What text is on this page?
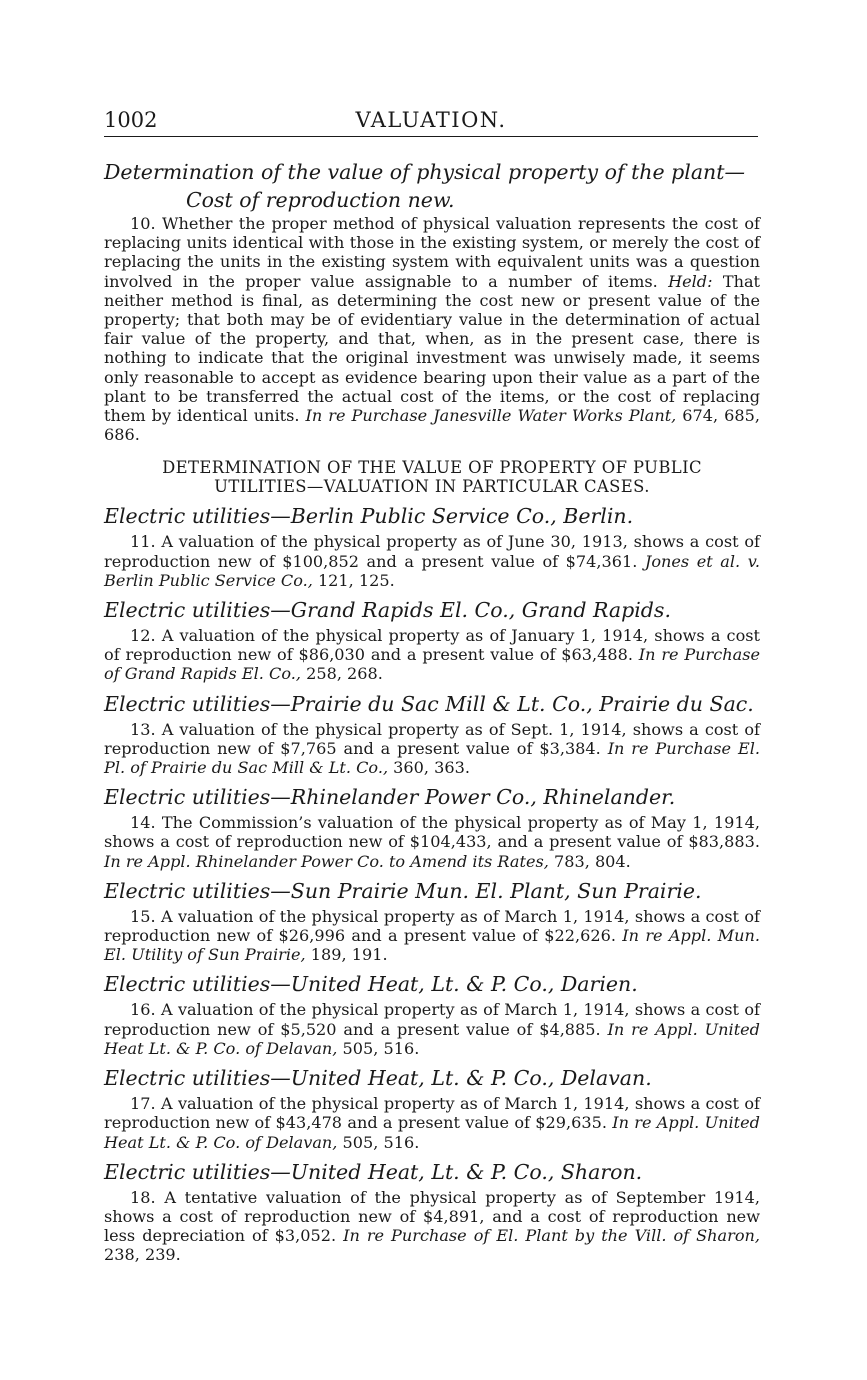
1002	VALUATION.

Determination of the value of physical property of the plant—
Cost of reproduction new.

10. Whether the proper method of physical valuation represents the cost of replacing units identical with those in the existing system, or merely the cost of replacing the units in the existing system with equivalent units was a question involved in the proper value assignable to a number of items. Held: That neither method is final, as determining the cost new or present value of the property; that both may be of evidentiary value in the determination of actual fair value of the property, and that, when, as in the present case, there is nothing to indicate that the original investment was unwisely made, it seems only reasonable to accept as evidence bearing upon their value as a part of the plant to be transferred the actual cost of the items, or the cost of replacing them by identical units. In re Purchase Janesville Water Works Plant, 674, 685, 686.

DETERMINATION OF THE VALUE OF PROPERTY OF PUBLIC
UTILITIES—VALUATION IN PARTICULAR CASES.

Electric utilities—Berlin Public Service Co., Berlin.

11. A valuation of the physical property as of June 30, 1913, shows a cost of reproduction new of $100,852 and a present value of $74,361. Jones et al. v. Berlin Public Service Co., 121, 125.

Electric utilities—Grand Rapids El. Co., Grand Rapids.

12. A valuation of the physical property as of January 1, 1914, shows a cost of reproduction new of $86,030 and a present value of $63,488. In re Purchase of Grand Rapids El. Co., 258, 268.

Electric utilities—Prairie du Sac Mill & Lt. Co., Prairie du Sac.

13. A valuation of the physical property as of Sept. 1, 1914, shows a cost of reproduction new of $7,765 and a present value of $3,384. In re Purchase El. Pl. of Prairie du Sac Mill & Lt. Co., 360, 363.

Electric utilities—Rhinelander Power Co., Rhinelander.

14. The Commission’s valuation of the physical property as of May 1, 1914, shows a cost of reproduction new of $104,433, and a present value of $83,883. In re Appl. Rhinelander Power Co. to Amend its Rates, 783, 804.

Electric utilities—Sun Prairie Mun. El. Plant, Sun Prairie.

15. A valuation of the physical property as of March 1, 1914, shows a cost of reproduction new of $26,996 and a present value of $22,626. In re Appl. Mun. El. Utility of Sun Prairie, 189, 191.

Electric utilities—United Heat, Lt. & P. Co., Darien.

16. A valuation of the physical property as of March 1, 1914, shows a cost of reproduction new of $5,520 and a present value of $4,885. In re Appl. United Heat Lt. & P. Co. of Delavan, 505, 516.

Electric utilities—United Heat, Lt. & P. Co., Delavan.

17. A valuation of the physical property as of March 1, 1914, shows a cost of reproduction new of $43,478 and a present value of $29,635. In re Appl. United Heat Lt. & P. Co. of Delavan, 505, 516.

Electric utilities—United Heat, Lt. & P. Co., Sharon.

18. A tentative valuation of the physical property as of September 1914, shows a cost of reproduction new of $4,891, and a cost of reproduction new less depreciation of $3,052. In re Purchase of El. Plant by the Vill. of Sharon, 238, 239.
